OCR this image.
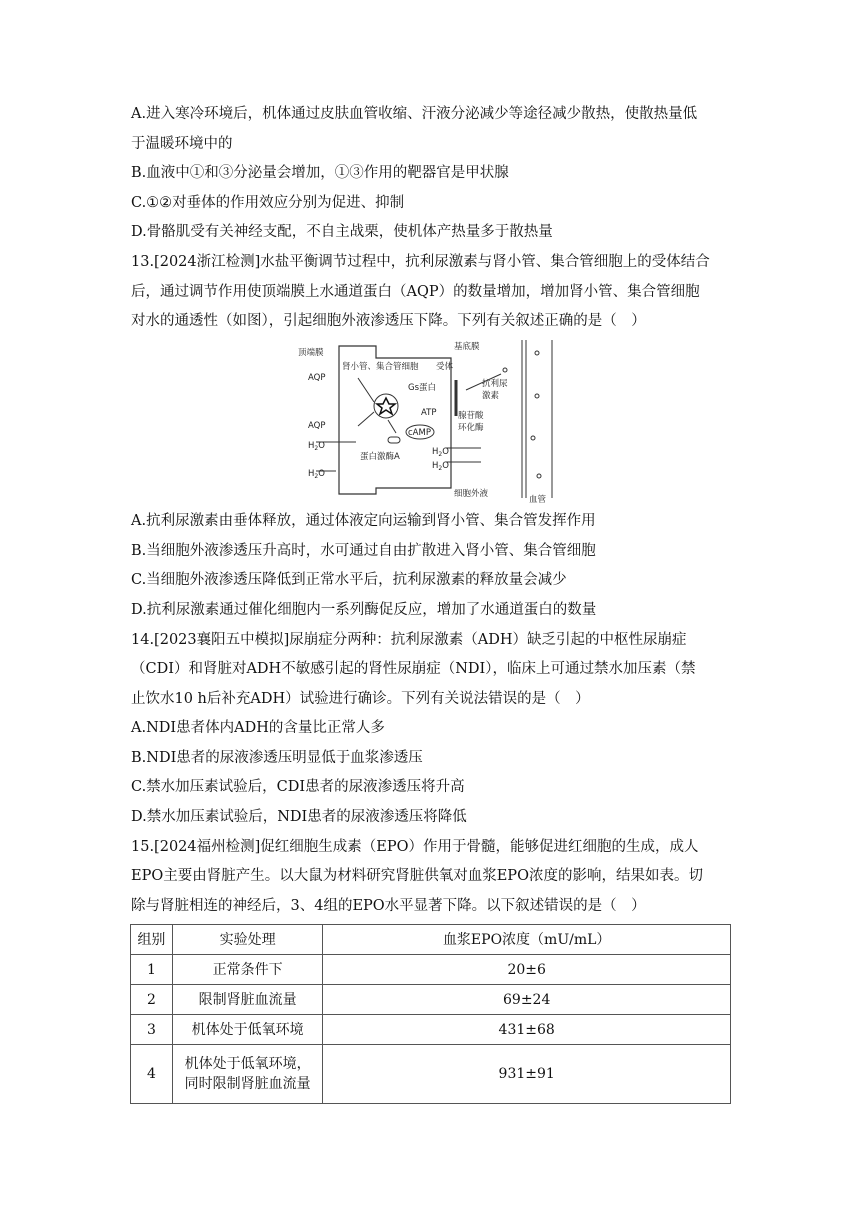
A.进入寒冷环境后，机体通过皮肤血管收缩、汗液分泌减少等途径减少散热，使散热量低
于温暖环境中的
B.血液中①和③分泌量会增加，①③作用的靶器官是甲状腺
C.①②对垂体的作用效应分别为促进、抑制
D.骨骼肌受有关神经支配，不自主战栗，使机体产热量多于散热量
13.[2024浙江检测]水盐平衡调节过程中，抗利尿激素与肾小管、集合管细胞上的受体结合
后，通过调节作用使顶端膜上水通道蛋白（AQP）的数量增加，增加肾小管、集合管细胞
对水的通透性（如图），引起细胞外液渗透压下降。下列有关叙述正确的是（　）
顶端膜
基底膜
肾小管、集合管细胞 受体
Gs蛋白	抗利尿
激素
ATP	腺苷酸
环化酶
cAMP
蛋白激酶A
AQP
AQP
$H_2O$
$H_2O$
$H_2O$
$H_2O$
细胞外液
血管
A.抗利尿激素由垂体释放，通过体液定向运输到肾小管、集合管发挥作用
B.当细胞外液渗透压升高时，水可通过自由扩散进入肾小管、集合管细胞
C.当细胞外液渗透压降低到正常水平后，抗利尿激素的释放量会减少
D.抗利尿激素通过催化细胞内一系列酶促反应，增加了水通道蛋白的数量
14.[2023襄阳五中模拟]尿崩症分两种：抗利尿激素（ADH）缺乏引起的中枢性尿崩症
（CDI）和肾脏对ADH不敏感引起的肾性尿崩症（NDI），临床上可通过禁水加压素（禁
止饮水10 h后补充ADH）试验进行确诊。下列有关说法错误的是（　）
A.NDI患者体内ADH的含量比正常人多
B.NDI患者的尿液渗透压明显低于血浆渗透压
C.禁水加压素试验后，CDI患者的尿液渗透压将升高
D.禁水加压素试验后，NDI患者的尿液渗透压将降低
15.[2024福州检测]促红细胞生成素（EPO）作用于骨髓，能够促进红细胞的生成，成人
EPO主要由肾脏产生。以大鼠为材料研究肾脏供氧对血浆EPO浓度的影响，结果如表。切
除与肾脏相连的神经后，3、4组的EPO水平显著下降。以下叙述错误的是（　）
组别	实验处理	血浆EPO浓度（mU/mL）
1	正常条件下	20±6
2	限制肾脏血流量	69±24
3	机体处于低氧环境	431±68
4	机体处于低氧环境，
同时限制肾脏血流量	931±91
